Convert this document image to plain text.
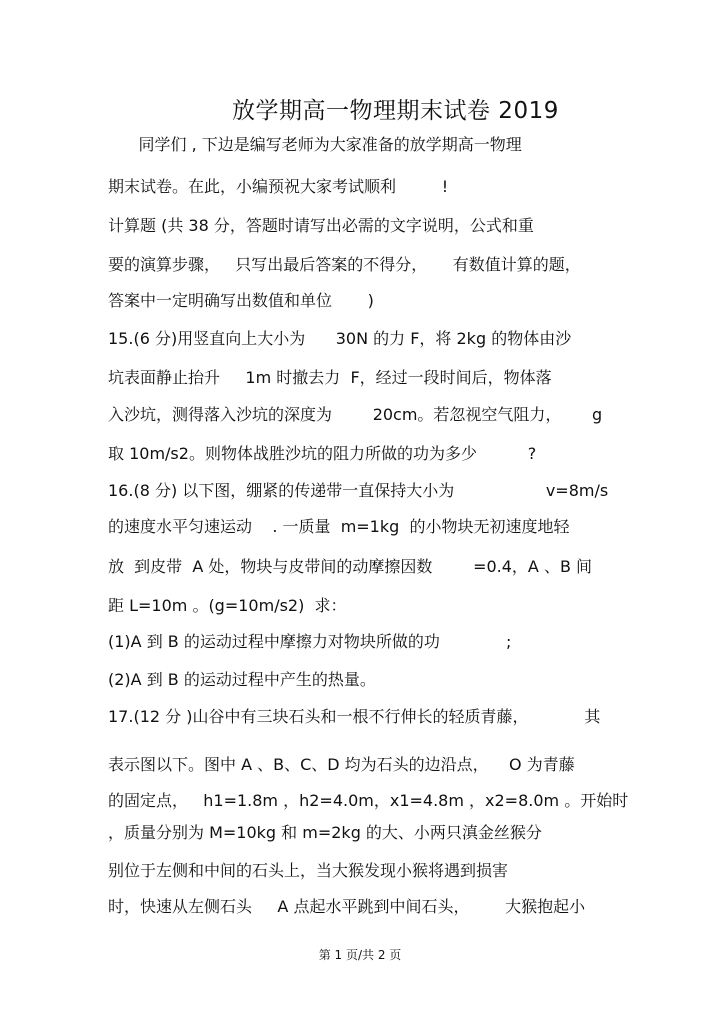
放学期高一物理期末试卷 2019
同学们 , 下边是编写老师为大家准备的放学期高一物理
期末试卷。在此，小编预祝大家考试顺利         !
计算题 (共 38 分，答题时请写出必需的文字说明，公式和重
要的演算步骤，   只写出最后答案的不得分，     有数值计算的题，
答案中一定明确写出数值和单位       )
15.(6 分)用竖直向上大小为      30N 的力 F，将 2kg 的物体由沙
坑表面静止抬升     1m 时撤去力  F，经过一段时间后，物体落
入沙坑，测得落入沙坑的深度为        20cm。若忽视空气阻力，      g
取 10m/s2。则物体战胜沙坑的阻力所做的功为多少          ?
16.(8 分) 以下图，绷紧的传递带一直保持大小为                  v=8m/s
的速度水平匀速运动    . 一质量  m=1kg  的小物块无初速度地轻
放  到皮带  A 处，物块与皮带间的动摩擦因数        =0.4，A 、B 间
距 L=10m 。(g=10m/s2)  求：
(1)A 到 B 的运动过程中摩擦力对物块所做的功             ;
(2)A 到 B 的运动过程中产生的热量。
17.(12 分 )山谷中有三块石头和一根不行伸长的轻质青藤，           其
表示图以下。图中 A 、B、C、D 均为石头的边沿点，    O 为青藤
的固定点，   h1=1.8m ，h2=4.0m，x1=4.8m ，x2=8.0m 。开始时
，质量分别为 M=10kg 和 m=2kg 的大、小两只滇金丝猴分
别位于左侧和中间的石头上，当大猴发现小猴将遇到损害
时，快速从左侧石头     A 点起水平跳到中间石头，       大猴抱起小
第 1 页/共 2 页
